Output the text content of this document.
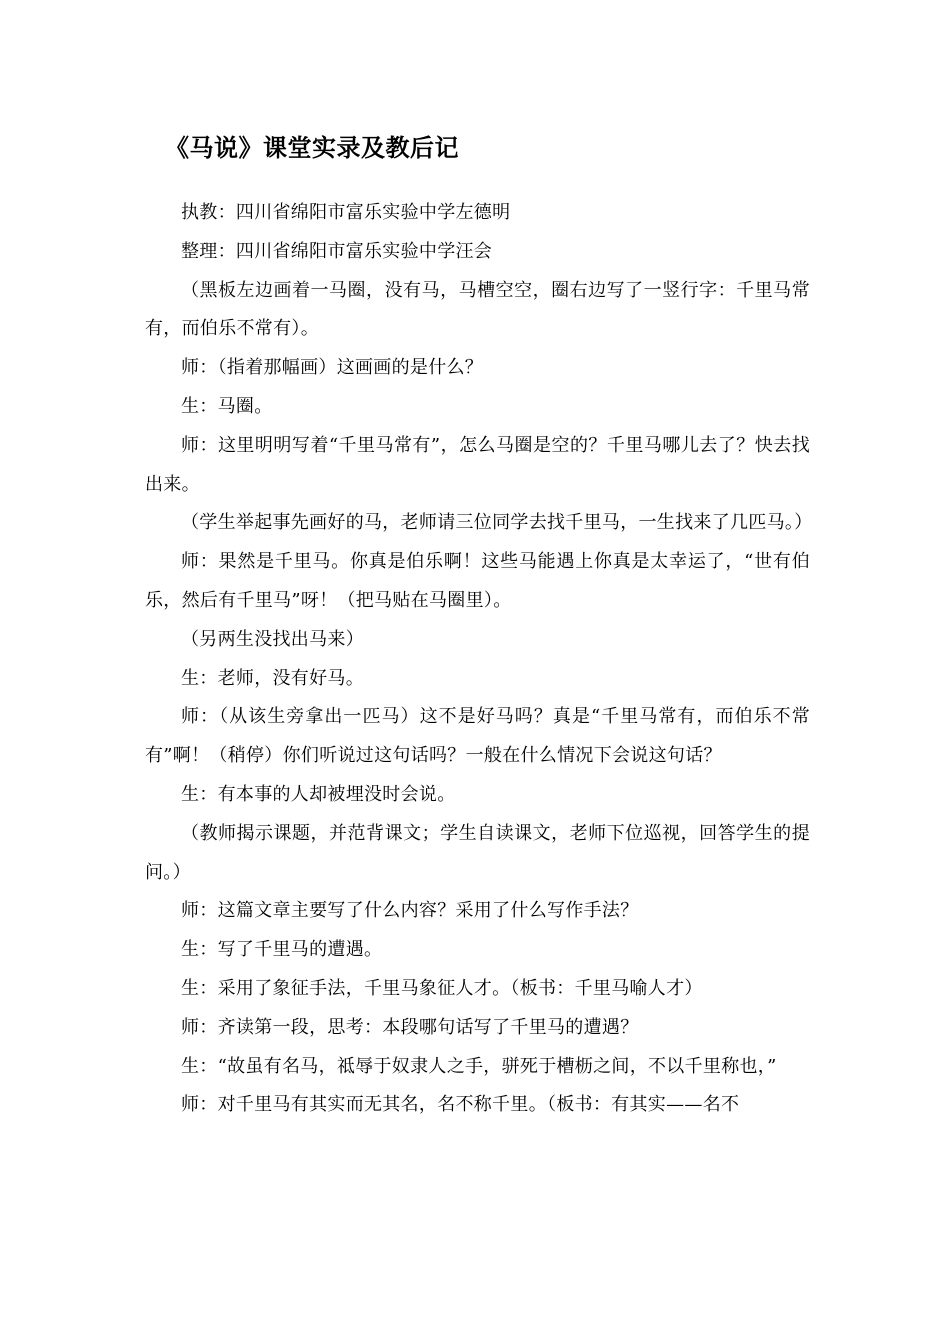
《马说》课堂实录及教后记

执教：四川省绵阳市富乐实验中学左德明

整理：四川省绵阳市富乐实验中学汪会

（黑板左边画着一马圈，没有马，马槽空空，圈右边写了一竖行字：千里马常有，而伯乐不常有）。

师：（指着那幅画）这画画的是什么？

生：马圈。

师：这里明明写着“千里马常有”，怎么马圈是空的？千里马哪儿去了？快去找出来。

（学生举起事先画好的马，老师请三位同学去找千里马，一生找来了几匹马。）

师：果然是千里马。你真是伯乐啊！这些马能遇上你真是太幸运了，“世有伯乐，然后有千里马”呀！（把马贴在马圈里）。

（另两生没找出马来）

生：老师，没有好马。

师：（从该生旁拿出一匹马）这不是好马吗？真是“千里马常有，而伯乐不常有”啊！（稍停）你们听说过这句话吗？一般在什么情况下会说这句话？

生：有本事的人却被埋没时会说。

（教师揭示课题，并范背课文；学生自读课文，老师下位巡视，回答学生的提问。）

师：这篇文章主要写了什么内容？采用了什么写作手法？

生：写了千里马的遭遇。

生：采用了象征手法，千里马象征人才。（板书：千里马喻人才）

师：齐读第一段，思考：本段哪句话写了千里马的遭遇？

生：“故虽有名马，祗辱于奴隶人之手，骈死于槽枥之间，不以千里称也，”

师：对千里马有其实而无其名，名不称千里。（板书：有其实——名不
